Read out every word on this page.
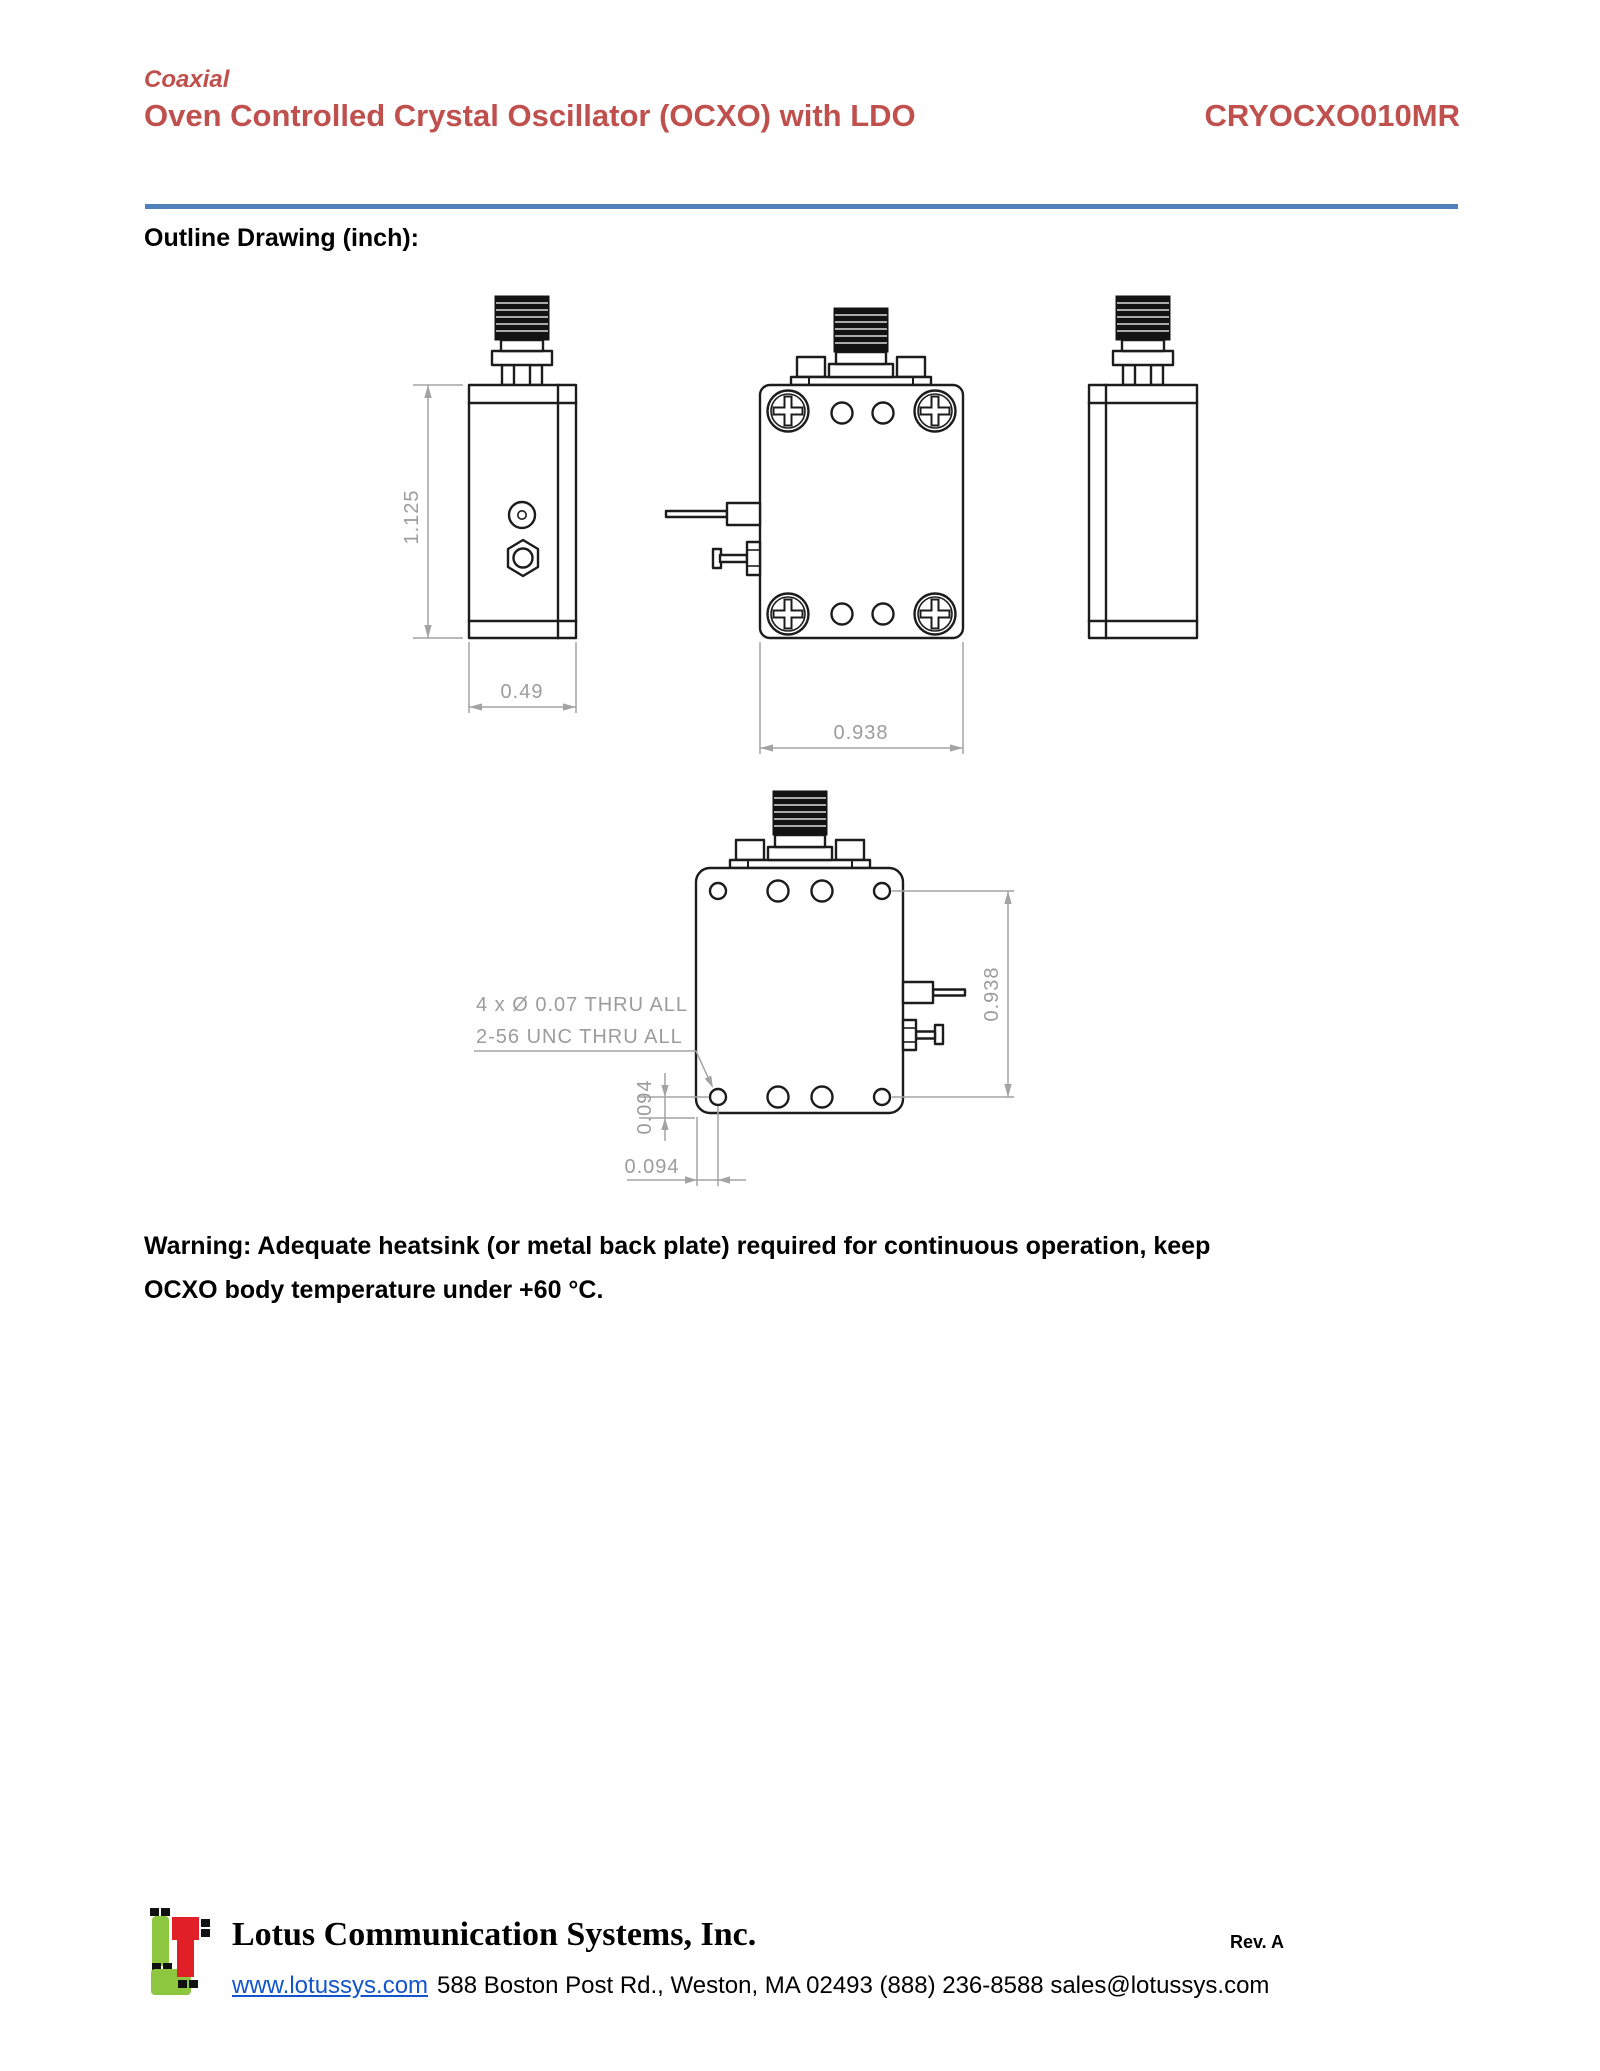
Coaxial
Oven Controlled Crystal Oscillator (OCXO) with LDO	CRYOCXO010MR
Outline Drawing (inch):
1.125
0.49
0.938
0.938
0.094
0.094
4 x Ø 0.07 THRU ALL
2-56 UNC THRU ALL
Warning: Adequate heatsink (or metal back plate) required for continuous operation, keep
OCXO body temperature under +60 °C.
Lotus Communication Systems, Inc.	Rev. A
www.lotussys.com 588 Boston Post Rd., Weston, MA 02493 (888) 236-8588 sales@lotussys.com
